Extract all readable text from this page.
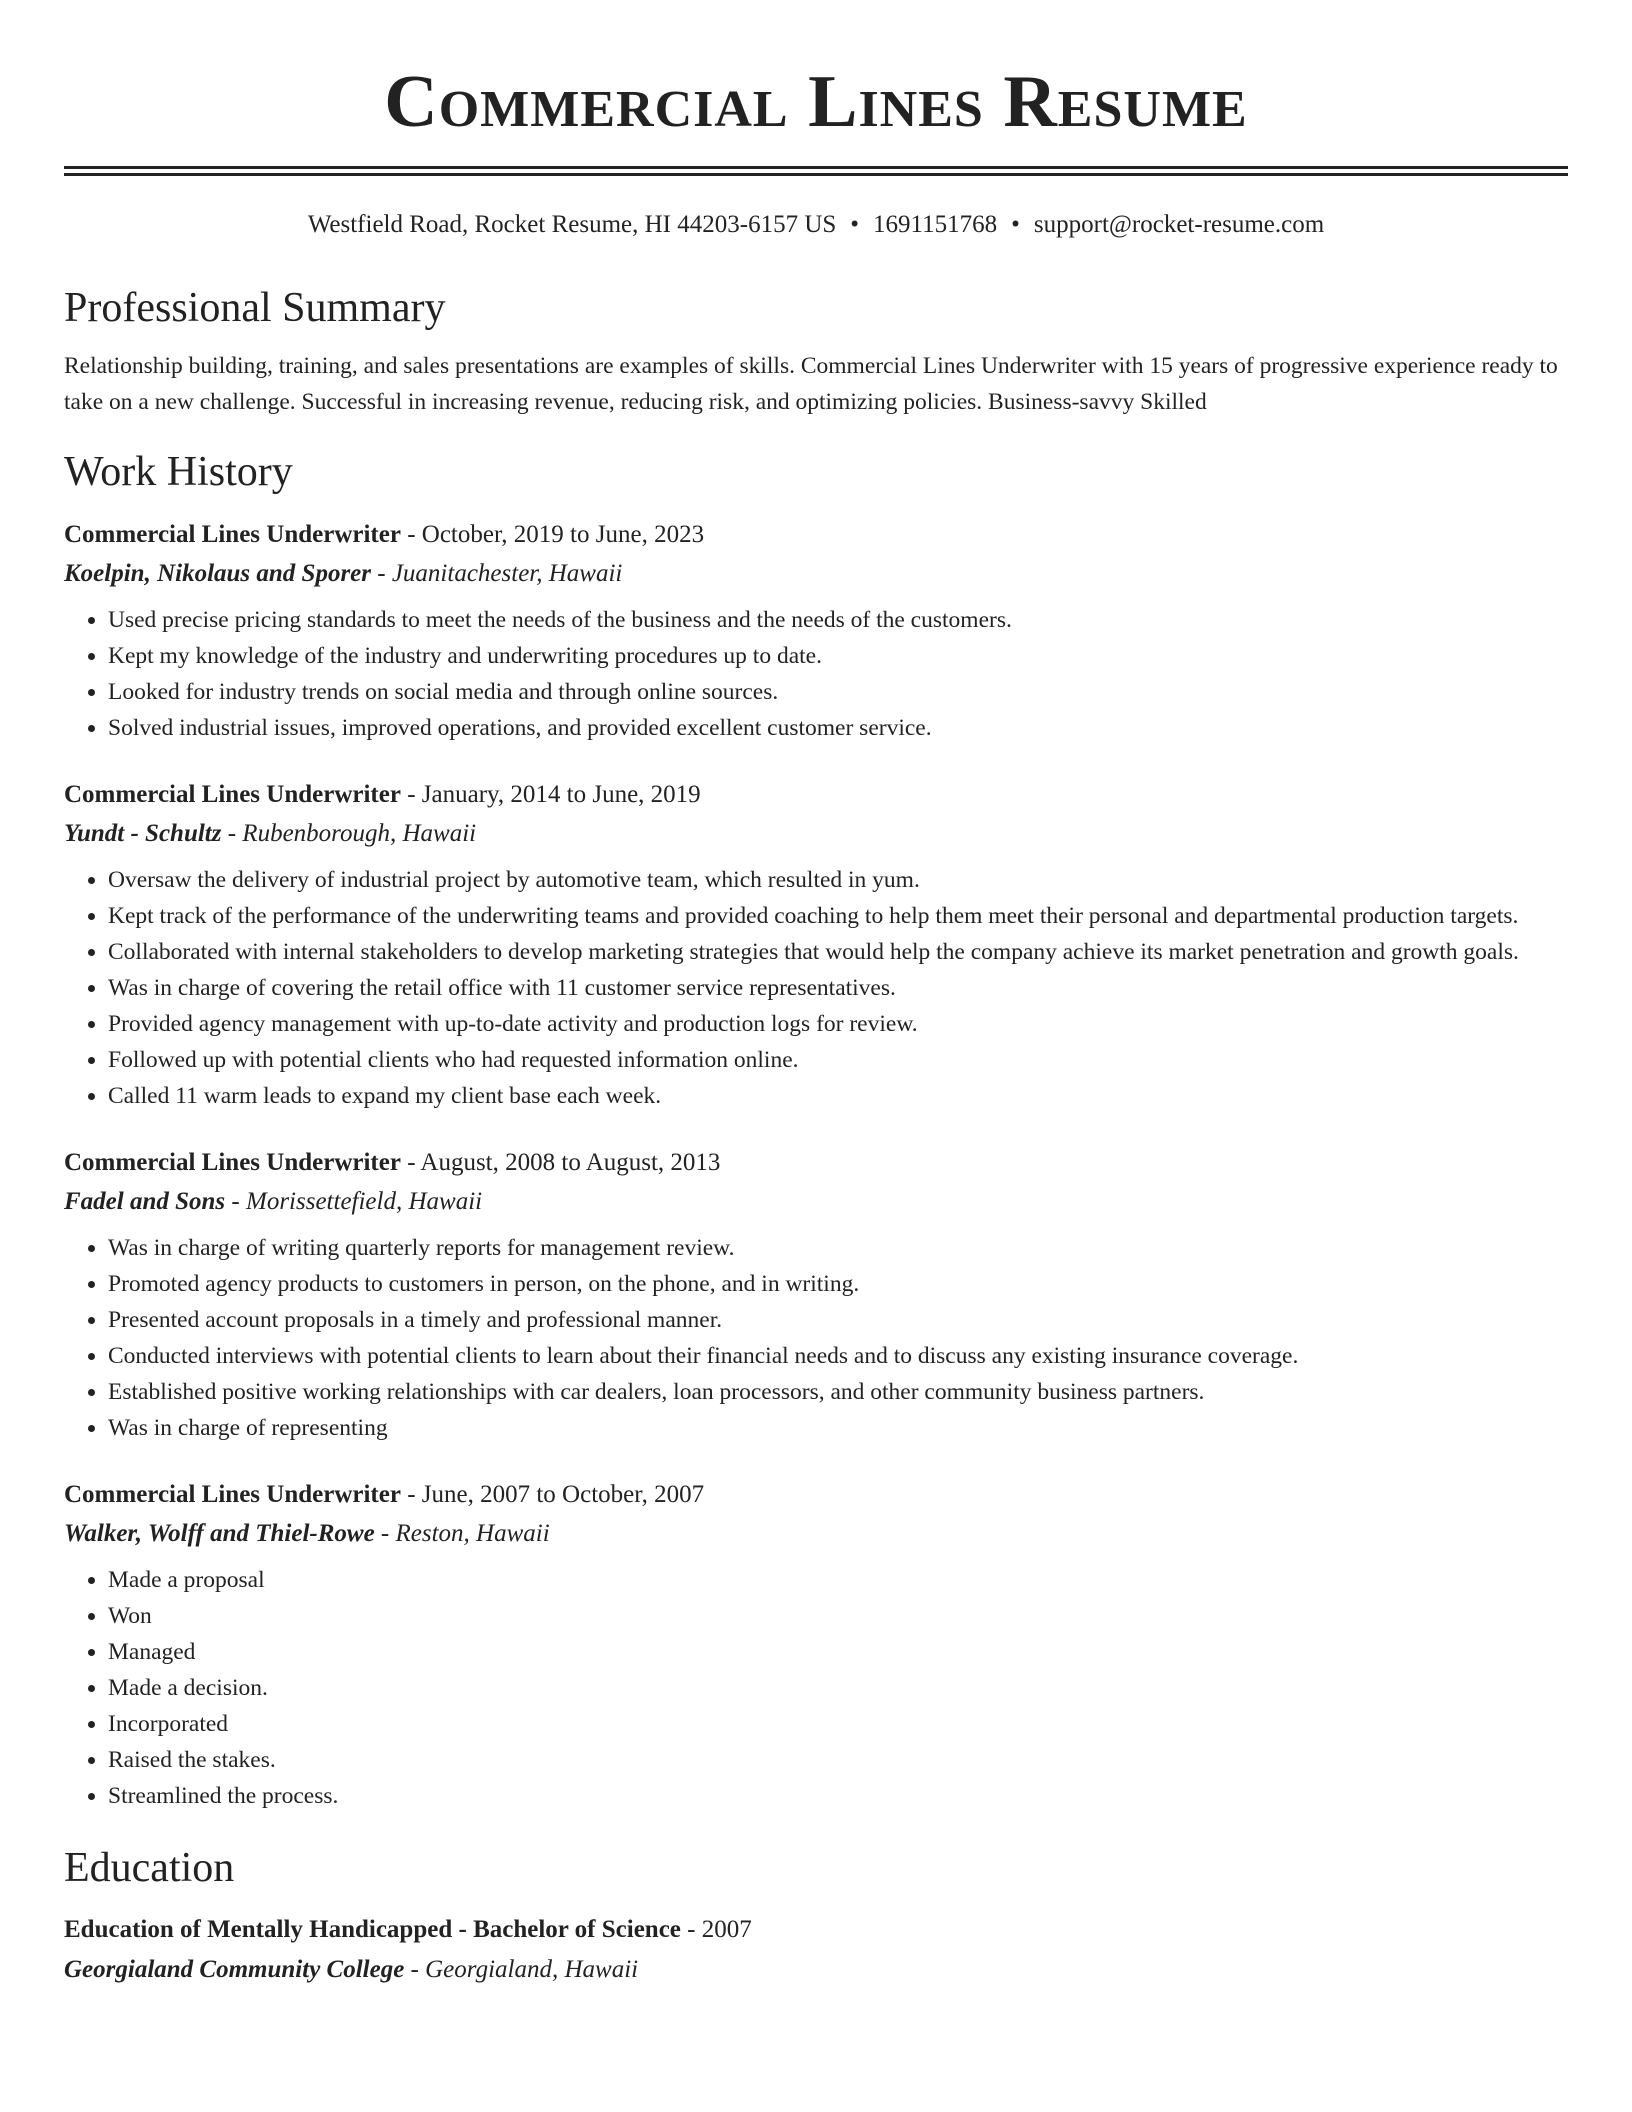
Commercial Lines Resume
Westfield Road, Rocket Resume, HI 44203-6157 US • 1691151768 • support@rocket-resume.com
Professional Summary

Relationship building, training, and sales presentations are examples of skills. Commercial Lines Underwriter with 15 years of progressive experience ready to take on a new challenge. Successful in increasing revenue, reducing risk, and optimizing policies. Business-savvy Skilled

Work History
Commercial Lines Underwriter - October, 2019 to June, 2023
Koelpin, Nikolaus and Sporer - Juanitachester, Hawaii
• Used precise pricing standards to meet the needs of the business and the needs of the customers.
• Kept my knowledge of the industry and underwriting procedures up to date.
• Looked for industry trends on social media and through online sources.
• Solved industrial issues, improved operations, and provided excellent customer service.
Commercial Lines Underwriter - January, 2014 to June, 2019
Yundt - Schultz - Rubenborough, Hawaii
• Oversaw the delivery of industrial project by automotive team, which resulted in yum.
• Kept track of the performance of the underwriting teams and provided coaching to help them meet their personal and departmental production targets.
• Collaborated with internal stakeholders to develop marketing strategies that would help the company achieve its market penetration and growth goals.
• Was in charge of covering the retail office with 11 customer service representatives.
• Provided agency management with up-to-date activity and production logs for review.
• Followed up with potential clients who had requested information online.
• Called 11 warm leads to expand my client base each week.
Commercial Lines Underwriter - August, 2008 to August, 2013
Fadel and Sons - Morissettefield, Hawaii
• Was in charge of writing quarterly reports for management review.
• Promoted agency products to customers in person, on the phone, and in writing.
• Presented account proposals in a timely and professional manner.
• Conducted interviews with potential clients to learn about their financial needs and to discuss any existing insurance coverage.
• Established positive working relationships with car dealers, loan processors, and other community business partners.
• Was in charge of representing
Commercial Lines Underwriter - June, 2007 to October, 2007
Walker, Wolff and Thiel-Rowe - Reston, Hawaii
• Made a proposal
• Won
• Managed
• Made a decision.
• Incorporated
• Raised the stakes.
• Streamlined the process.
Education
Education of Mentally Handicapped - Bachelor of Science - 2007
Georgialand Community College - Georgialand, Hawaii
